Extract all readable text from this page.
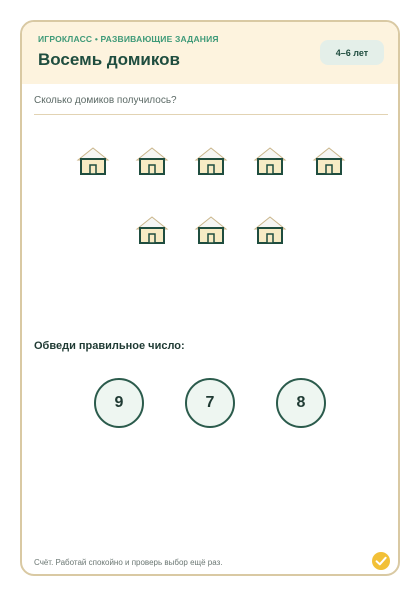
ИГРОКЛАСС • РАЗВИВАЮЩИЕ ЗАДАНИЯ
Восемь домиков	4–6 лет
Сколько домиков получилось?
Обведи правильное число:
9	7	8
Счёт. Работай спокойно и проверь выбор ещё раз.
